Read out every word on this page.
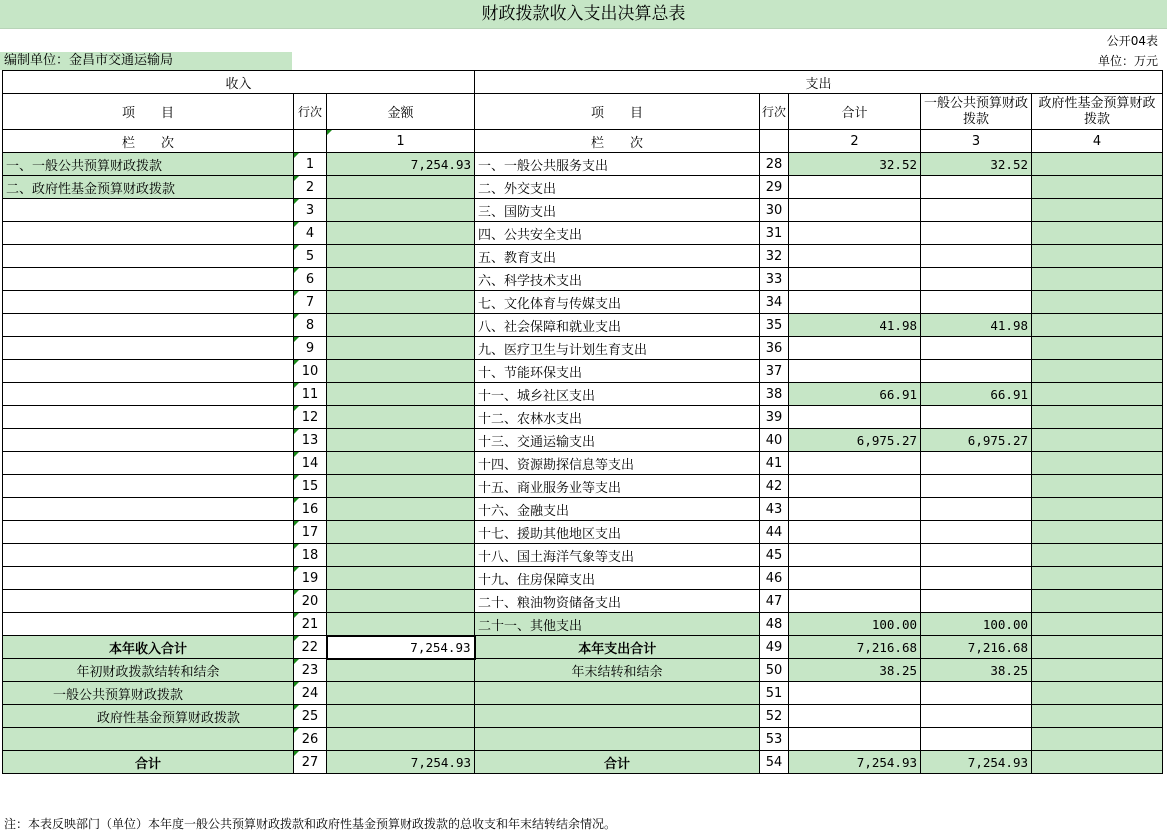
财政拨款收入支出决算总表
公开04表
编制单位：金昌市交通运输局	单位：万元
收入			支出				
项　　目	行次	金额	项　　目	行次	合计	一般公共预算财政拨款	政府性基金预算财政拨款
栏　　次		1	栏　　次		2	3	4
一、一般公共预算财政拨款	1	7,254.93	一、一般公共服务支出	28	32.52	32.52	
二、政府性基金预算财政拨款	2		二、外交支出	29			
	3		三、国防支出	30			
	4		四、公共安全支出	31			
	5		五、教育支出	32			
	6		六、科学技术支出	33			
	7		七、文化体育与传媒支出	34			
	8		八、社会保障和就业支出	35	41.98	41.98	
	9		九、医疗卫生与计划生育支出	36			
	10		十、节能环保支出	37			
	11		十一、城乡社区支出	38	66.91	66.91	
	12		十二、农林水支出	39			
	13		十三、交通运输支出	40	6,975.27	6,975.27	
	14		十四、资源勘探信息等支出	41			
	15		十五、商业服务业等支出	42			
	16		十六、金融支出	43			
	17		十七、援助其他地区支出	44			
	18		十八、国土海洋气象等支出	45			
	19		十九、住房保障支出	46			
	20		二十、粮油物资储备支出	47			
	21		二十一、其他支出	48	100.00	100.00	
本年收入合计	22	7,254.93	本年支出合计	49	7,216.68	7,216.68	
年初财政拨款结转和结余	23		年末结转和结余	50	38.25	38.25	
一般公共预算财政拨款	24			51			
政府性基金预算财政拨款	25			52			
	26			53			
合计	27	7,254.93	合计	54	7,254.93	7,254.93	
注：本表反映部门（单位）本年度一般公共预算财政拨款和政府性基金预算财政拨款的总收支和年末结转结余情况。
